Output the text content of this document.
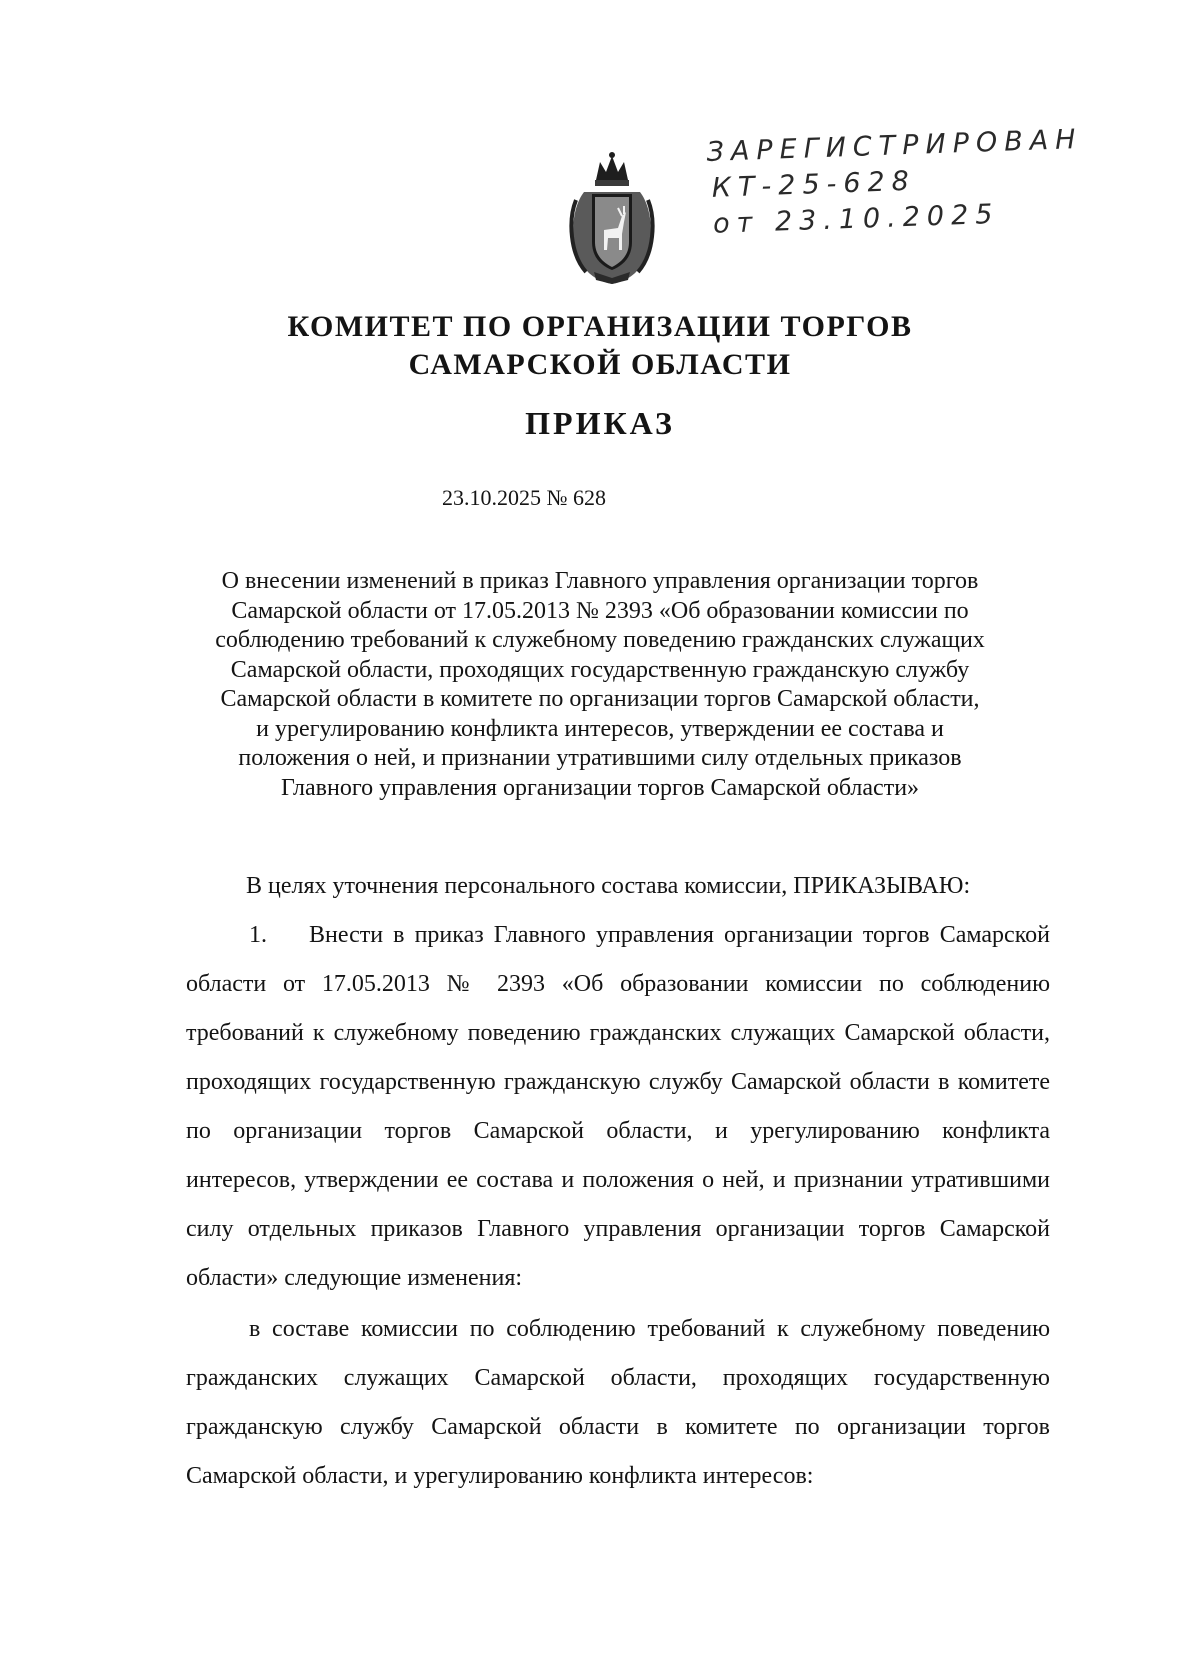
ЗАРЕГИСТРИРОВАН
КТ-25-628
от 23.10.2025
КОМИТЕТ ПО ОРГАНИЗАЦИИ ТОРГОВ
САМАРСКОЙ ОБЛАСТИ
ПРИКАЗ
23.10.2025 № 628
О внесении изменений в приказ Главного управления организации торгов
Самарской области от 17.05.2013 № 2393 «Об образовании комиссии по
соблюдению требований к служебному поведению гражданских служащих
Самарской области, проходящих государственную гражданскую службу
Самарской области в комитете по организации торгов Самарской области,
и урегулированию конфликта интересов, утверждении ее состава и
положения о ней, и признании утратившими силу отдельных приказов
Главного управления организации торгов Самарской области»

В целях уточнения персонального состава комиссии, ПРИКАЗЫВАЮ:

1. Внести в приказ Главного управления организации торгов Самарской области от 17.05.2013 № 2393 «Об образовании комиссии по соблюдению требований к служебному поведению гражданских служащих Самарской области, проходящих государственную гражданскую службу Самарской области в комитете по организации торгов Самарской области, и урегулированию конфликта интересов, утверждении ее состава и положения о ней, и признании утратившими силу отдельных приказов Главного управления организации торгов Самарской области» следующие изменения:

в составе комиссии по соблюдению требований к служебному поведению гражданских служащих Самарской области, проходящих государственную гражданскую службу Самарской области в комитете по организации торгов Самарской области, и урегулированию конфликта интересов:
